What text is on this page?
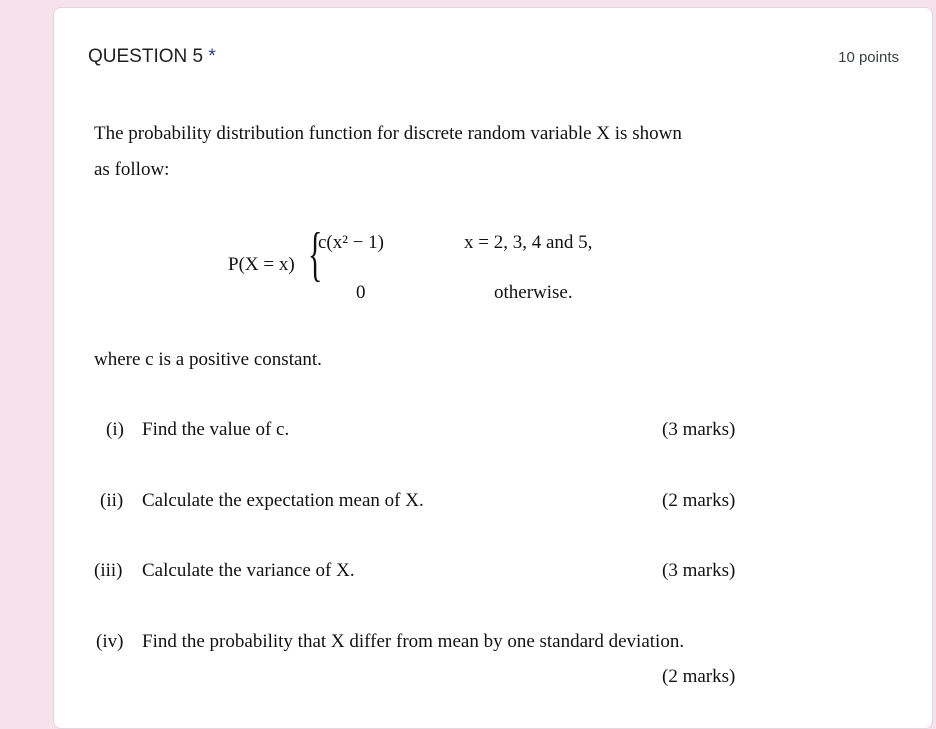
QUESTION 5 *	10 points
The probability distribution function for discrete random variable X is shown
as follow:
P(X = x) {
c(x² − 1)	x = 2, 3, 4 and 5,
0	otherwise.
where c is a positive constant.
(i) Find the value of c.	(3 marks)
(ii) Calculate the expectation mean of X.	(2 marks)
(iii) Calculate the variance of X.	(3 marks)
(iv) Find the probability that X differ from mean by one standard deviation.
(2 marks)
